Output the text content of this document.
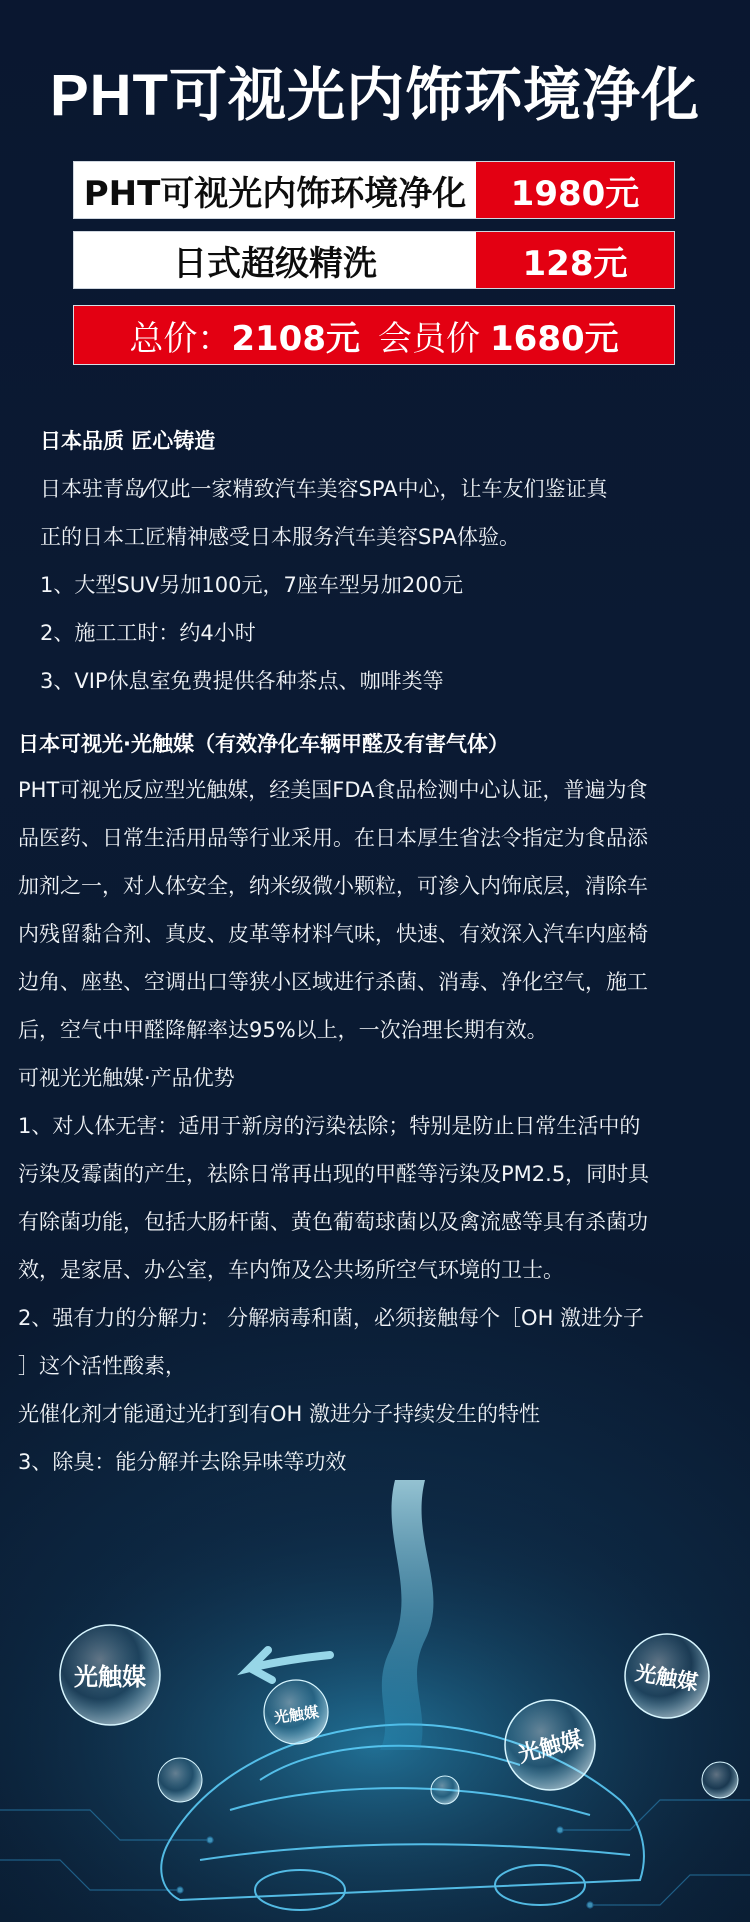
PHT可视光内饰环境净化
PHT可视光内饰环境净化	1980元
日式超级精洗	128元
总价： 2108元 会员价 1680元
日本品质 匠心铸造

日本驻青岛⁄仅此一家精致汽车美容SPA中心，让车友们鉴证真

正的日本工匠精神感受日本服务汽车美容SPA体验。

1、大型SUV另加100元，7座车型另加200元

2、施工工时：约4小时

3、VIP休息室免费提供各种茶点、咖啡类等

日本可视光·光触媒（有效净化车辆甲醛及有害气体）

PHT可视光反应型光触媒，经美国FDA食品检测中心认证，普遍为食

品医药、日常生活用品等行业采用。在日本厚生省法令指定为食品添

加剂之一，对人体安全，纳米级微小颗粒，可渗入内饰底层，清除车

内残留黏合剂、真皮、皮革等材料气味，快速、有效深入汽车内座椅

边角、座垫、空调出口等狭小区域进行杀菌、消毒、净化空气，施工

后，空气中甲醛降解率达95%以上，一次治理长期有效。

可视光光触媒·产品优势

1、对人体无害：适用于新房的污染祛除；特别是防止日常生活中的

污染及霉菌的产生，祛除日常再出现的甲醛等污染及PM2.5，同时具

有除菌功能，包括大肠杆菌、黄色葡萄球菌以及禽流感等具有杀菌功

效，是家居、办公室，车内饰及公共场所空气环境的卫士。

2、强有力的分解力： 分解病毒和菌，必须接触每个［OH 激进分子

］这个活性酸素，

光催化剂才能通过光打到有OH 激进分子持续发生的特性

3、除臭：能分解并去除异味等功效

光触媒
光触媒
光触媒
光触媒
